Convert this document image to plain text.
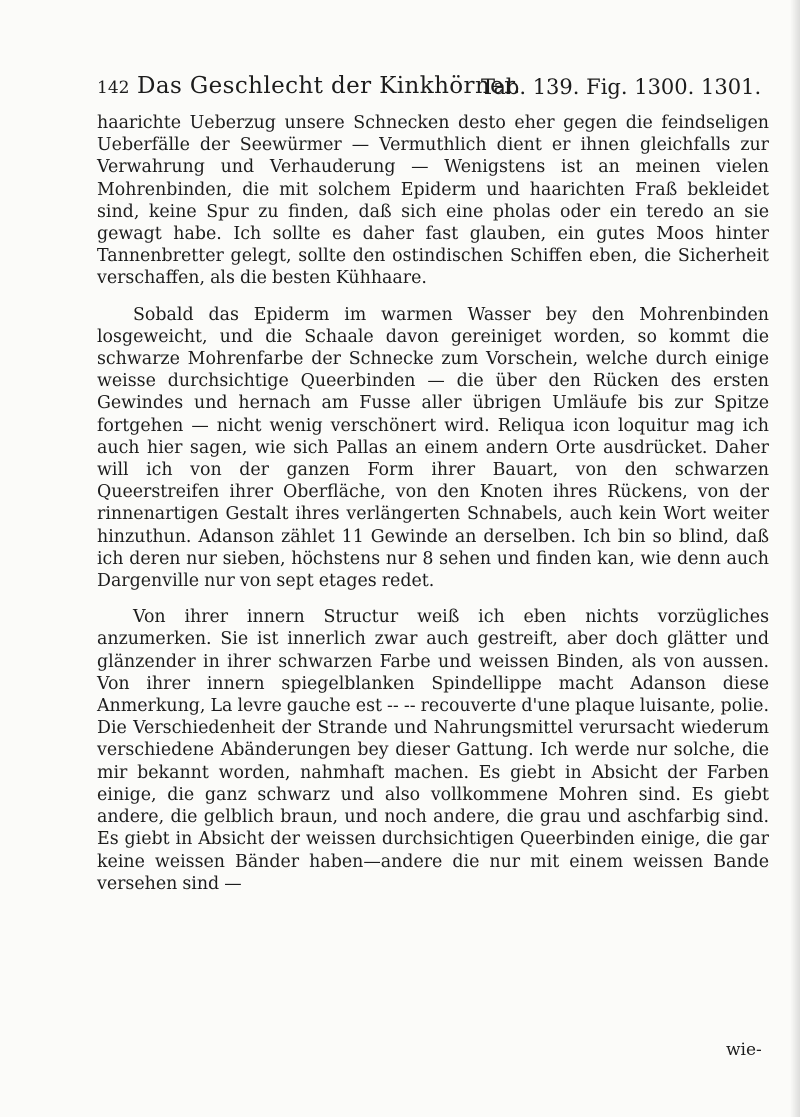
142 Das Geschlecht der Kinkhörner.
Tab. 139. Fig. 1300. 1301.

haarichte Ueberzug unsere Schnecken desto eher gegen die feindseligen Ueberfälle der Seewürmer — Vermuthlich dient er ihnen gleichfalls zur Verwahrung und Verhauderung — Wenigstens ist an meinen vielen Mohrenbinden, die mit solchem Epiderm und haarichten Fraß bekleidet sind, keine Spur zu finden, daß sich eine pholas oder ein teredo an sie gewagt habe. Ich sollte es daher fast glauben, ein gutes Moos hinter Tannenbretter gelegt, sollte den ostindischen Schiffen eben, die Sicherheit verschaffen, als die besten Kühhaare.

Sobald das Epiderm im warmen Wasser bey den Mohrenbinden losgeweicht, und die Schaale davon gereiniget worden, so kommt die schwarze Mohrenfarbe der Schnecke zum Vorschein, welche durch einige weisse durchsichtige Queerbinden — die über den Rücken des ersten Gewindes und hernach am Fusse aller übrigen Umläufe bis zur Spitze fortgehen — nicht wenig verschönert wird. Reliqua icon loquitur mag ich auch hier sagen, wie sich Pallas an einem andern Orte ausdrücket. Daher will ich von der ganzen Form ihrer Bauart, von den schwarzen Queerstreifen ihrer Oberfläche, von den Knoten ihres Rückens, von der rinnenartigen Gestalt ihres verlängerten Schnabels, auch kein Wort weiter hinzuthun. Adanson zählet 11 Gewinde an derselben. Ich bin so blind, daß ich deren nur sieben, höchstens nur 8 sehen und finden kan, wie denn auch Dargenville nur von sept etages redet.

Von ihrer innern Structur weiß ich eben nichts vorzügliches anzumerken. Sie ist innerlich zwar auch gestreift, aber doch glätter und glänzender in ihrer schwarzen Farbe und weissen Binden, als von aussen. Von ihrer innern spiegelblanken Spindellippe macht Adanson diese Anmerkung, La levre gauche est -- -- recouverte d'une plaque luisante, polie. Die Verschiedenheit der Strande und Nahrungsmittel verursacht wiederum verschiedene Abänderungen bey dieser Gattung. Ich werde nur solche, die mir bekannt worden, nahmhaft machen. Es giebt in Absicht der Farben einige, die ganz schwarz und also vollkommene Mohren sind. Es giebt andere, die gelblich braun, und noch andere, die grau und aschfarbig sind. Es giebt in Absicht der weissen durchsichtigen Queerbinden einige, die gar keine weissen Bänder haben—andere die nur mit einem weissen Bande versehen sind —

wie-
